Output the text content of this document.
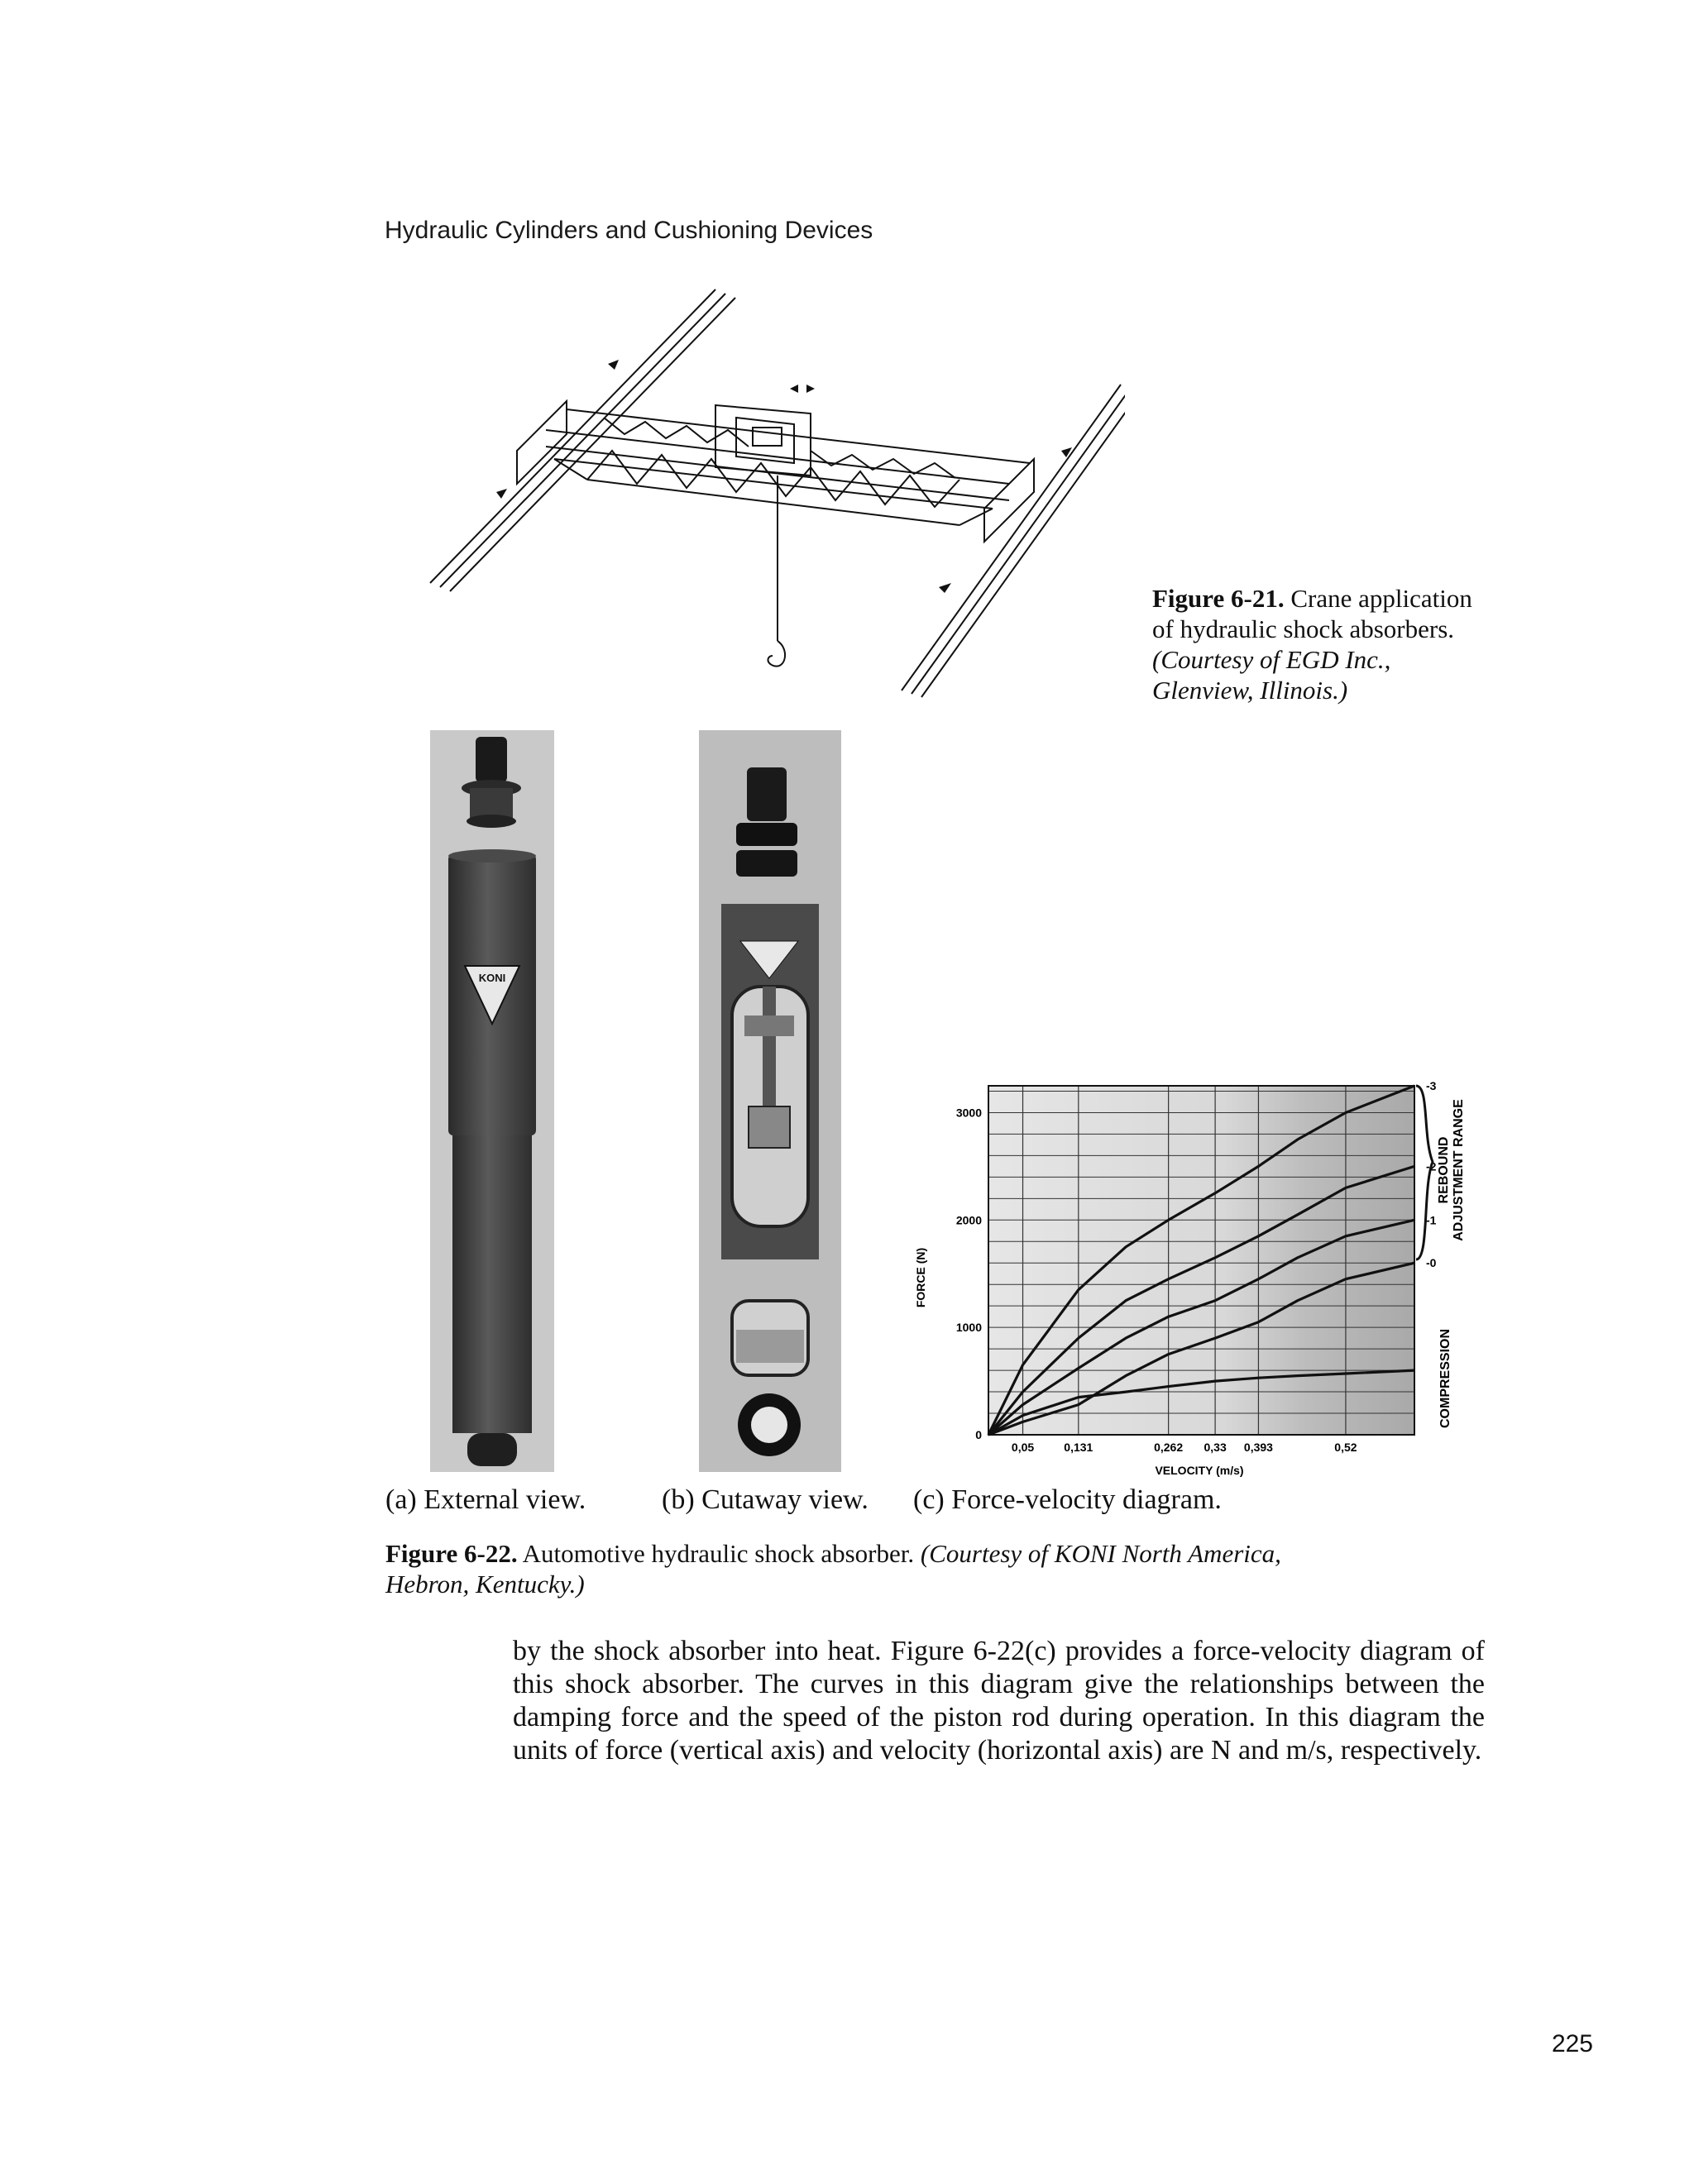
Hydraulic Cylinders and Cushioning Devices
Figure 6-21. Crane application of hydraulic shock absorbers. (Courtesy of EGD Inc., Glenview, Illinois.)
KONI
-3
-2
-1
-0
0,05	0,131	0,262 0,33 0,393	0,52
0
1000
2000
3000
FORCE (N)
VELOCITY (m/s)
REBOUND ADJUSTMENT RANGE
COMPRESSION
(a) External view.	(b) Cutaway view. (c) Force-velocity diagram.
Figure 6-22. Automotive hydraulic shock absorber. (Courtesy of KONI North America, Hebron, Kentucky.)

by the shock absorber into heat. Figure 6-22(c) provides a force-velocity diagram of this shock absorber. The curves in this diagram give the relationships between the damping force and the speed of the piston rod during operation. In this diagram the units of force (vertical axis) and velocity (horizontal axis) are N and m/s, respectively.

225
